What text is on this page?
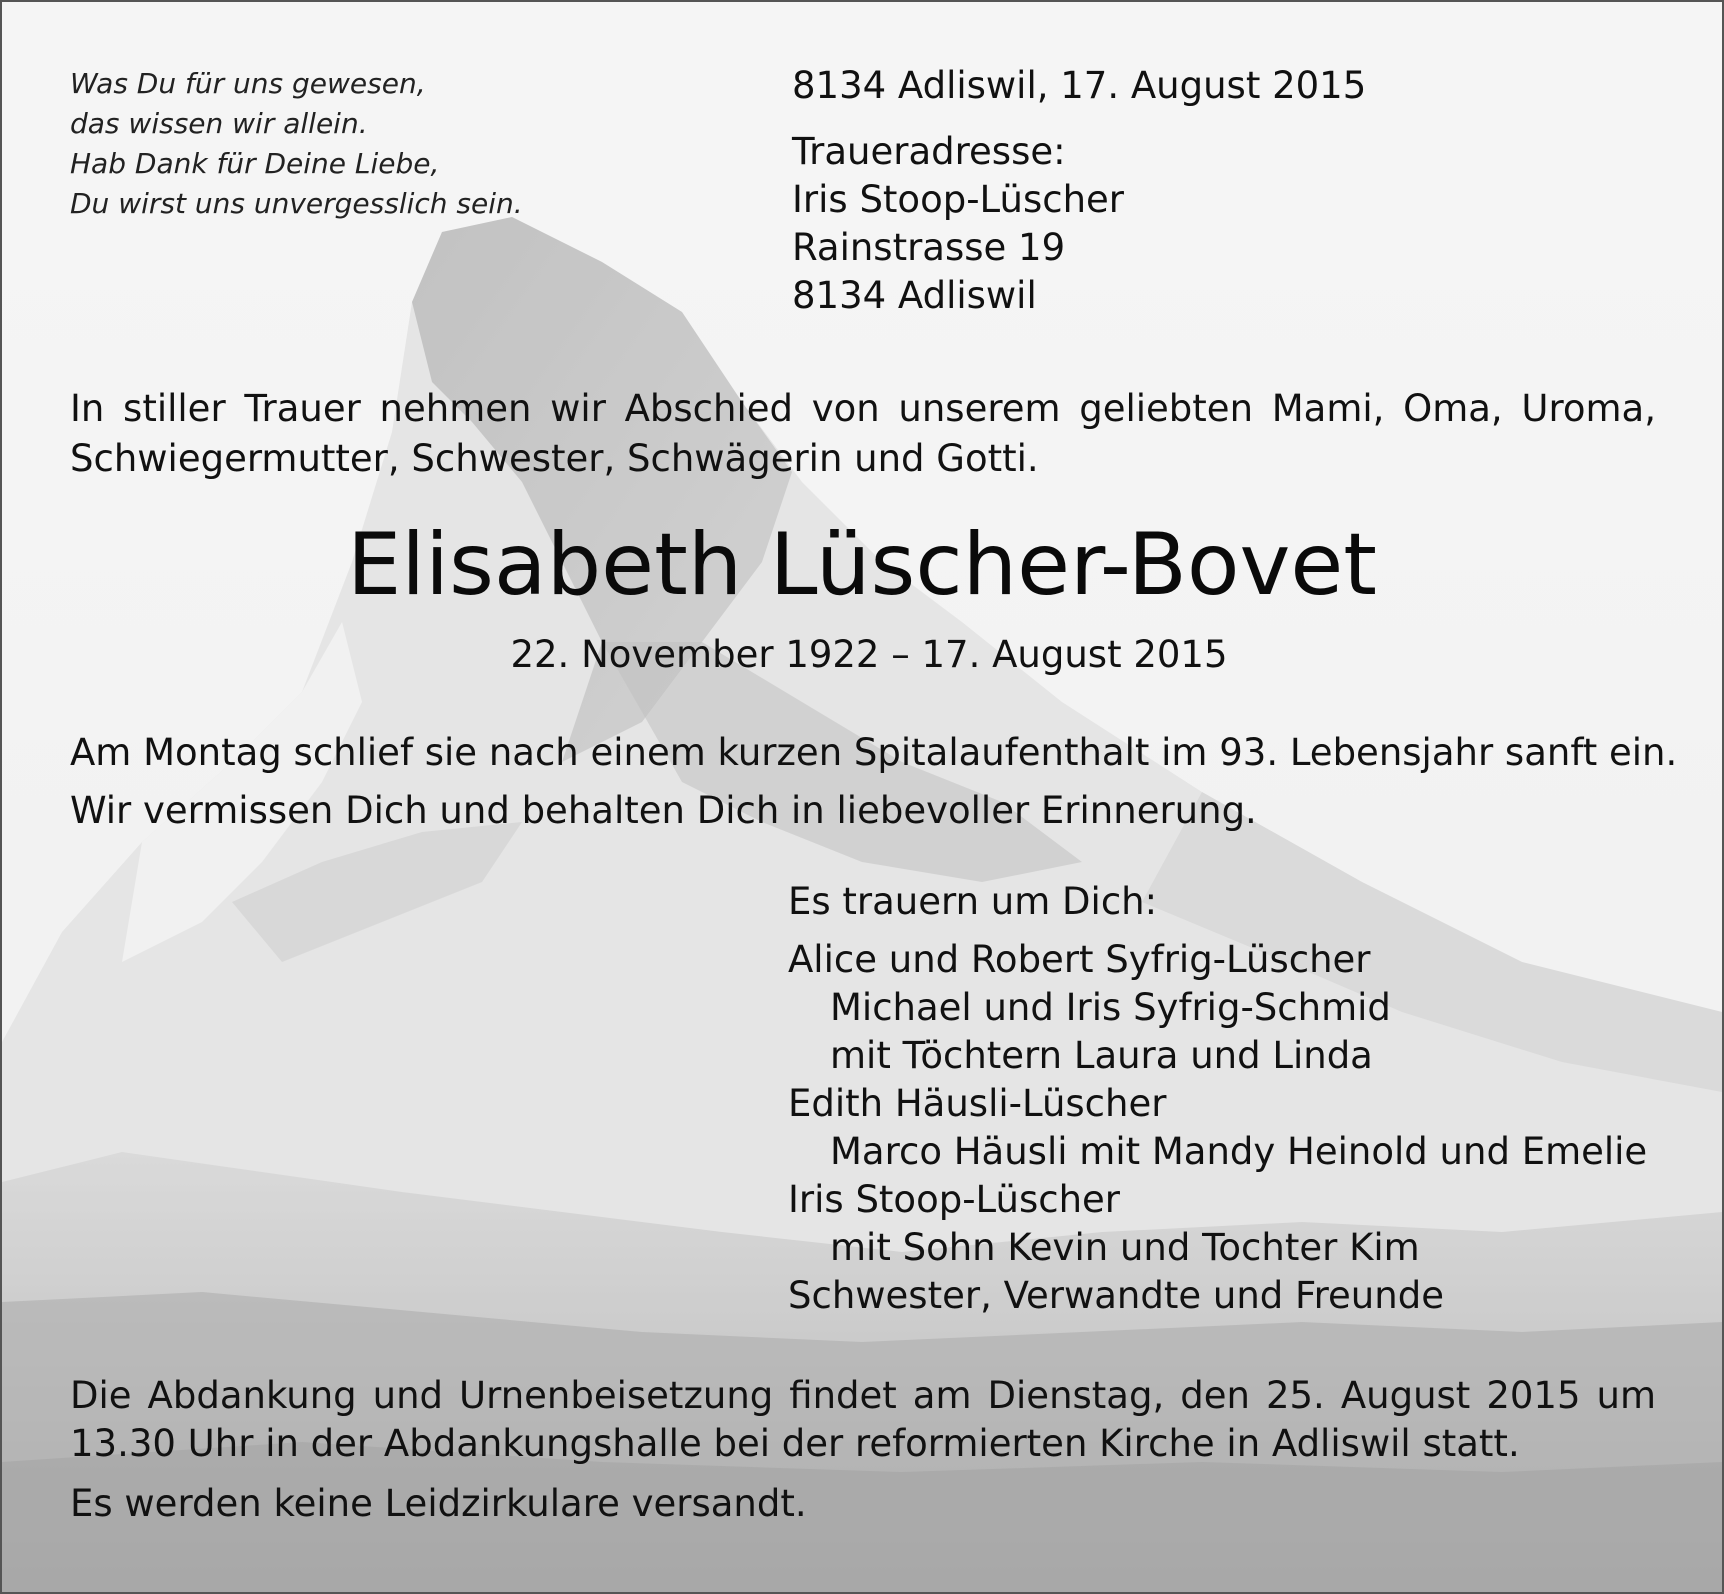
Was Du für uns gewesen,
das wissen wir allein.
Hab Dank für Deine Liebe,
Du wirst uns unvergesslich sein.
8134 Adliswil, 17. August 2015
Traueradresse:
Iris Stoop-Lüscher
Rainstrasse 19
8134 Adliswil
In stiller Trauer nehmen wir Abschied von unserem geliebten Mami, Oma, Uroma, Schwiegermutter, Schwester, Schwägerin und Gotti.
Elisabeth Lüscher-Bovet
22. November 1922 – 17. August 2015
Am Montag schlief sie nach einem kurzen Spitalaufenthalt im 93. Lebensjahr sanft ein.
Wir vermissen Dich und behalten Dich in liebevoller Erinnerung.
Es trauern um Dich:
Alice und Robert Syfrig-Lüscher
Michael und Iris Syfrig-Schmid
mit Töchtern Laura und Linda
Edith Häusli-Lüscher
Marco Häusli mit Mandy Heinold und Emelie
Iris Stoop-Lüscher
mit Sohn Kevin und Tochter Kim
Schwester, Verwandte und Freunde
Die Abdankung und Urnenbeisetzung findet am Dienstag, den 25. August 2015 um 13.30 Uhr in der Abdankungshalle bei der reformierten Kirche in Adliswil statt.
Es werden keine Leidzirkulare versandt.
